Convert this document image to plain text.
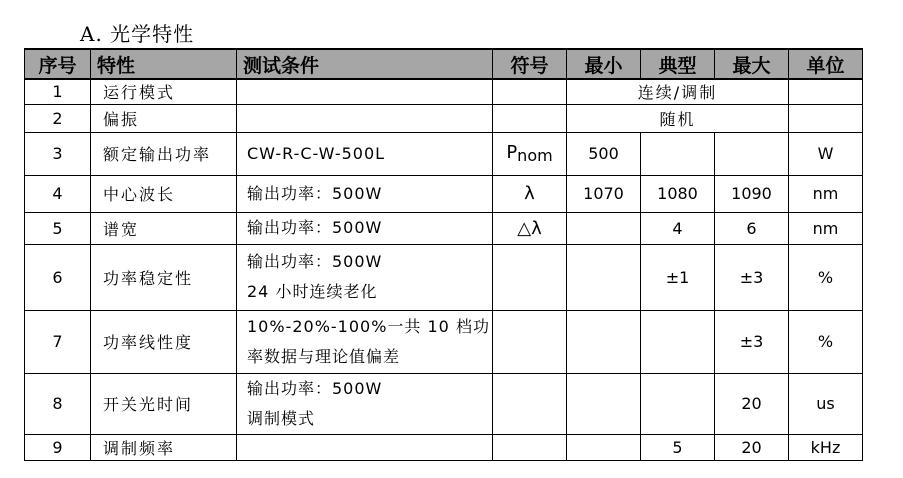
A. 光学特性
序号	特性	测试条件	符号	最小	典型	最大	单位
1	运行模式			连续/调制			
2	偏振			随机			
3	额定输出功率	CW-R-C-W-500L	$P_{nom}$	500			W
4	中心波长	输出功率：500W	λ	1070	1080	1090	nm
5	谱宽	输出功率：500W	△λ		4	6	nm
6	功率稳定性	输出功率：500W
24 小时连续老化			±1	±3	%
7	功率线性度	10%-20%-100%一共 10 档功
率数据与理论值偏差				±3	%
8	开关光时间	输出功率：500W
调制模式				20	us
9	调制频率				5	20	kHz
